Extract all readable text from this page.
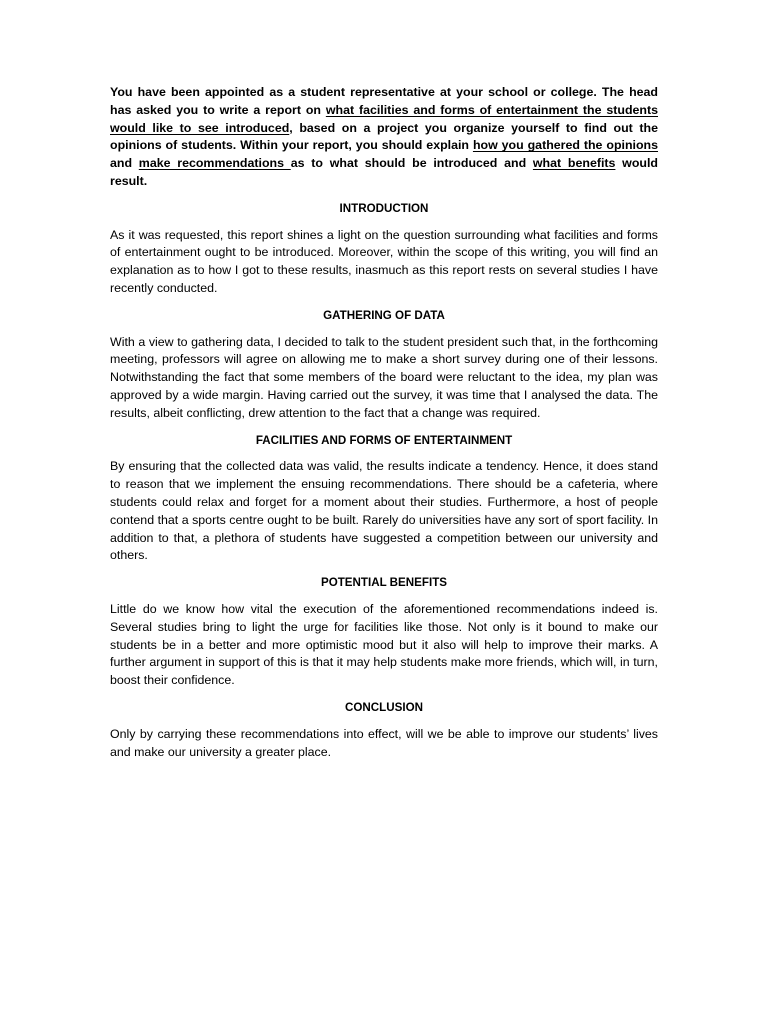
You have been appointed as a student representative at your school or college. The head has asked you to write a report on what facilities and forms of entertainment the students would like to see introduced, based on a project you organize yourself to find out the opinions of students. Within your report, you should explain how you gathered the opinions and make recommendations as to what should be introduced and what benefits would result.

INTRODUCTION

As it was requested, this report shines a light on the question surrounding what facilities and forms of entertainment ought to be introduced. Moreover, within the scope of this writing, you will find an explanation as to how I got to these results, inasmuch as this report rests on several studies I have recently conducted.

GATHERING OF DATA

With a view to gathering data, I decided to talk to the student president such that, in the forthcoming meeting, professors will agree on allowing me to make a short survey during one of their lessons. Notwithstanding the fact that some members of the board were reluctant to the idea, my plan was approved by a wide margin. Having carried out the survey, it was time that I analysed the data. The results, albeit conflicting, drew attention to the fact that a change was required.

FACILITIES AND FORMS OF ENTERTAINMENT

By ensuring that the collected data was valid, the results indicate a tendency. Hence, it does stand to reason that we implement the ensuing recommendations. There should be a cafeteria, where students could relax and forget for a moment about their studies. Furthermore, a host of people contend that a sports centre ought to be built. Rarely do universities have any sort of sport facility. In addition to that, a plethora of students have suggested a competition between our university and others.

POTENTIAL BENEFITS

Little do we know how vital the execution of the aforementioned recommendations indeed is. Several studies bring to light the urge for facilities like those. Not only is it bound to make our students be in a better and more optimistic mood but it also will help to improve their marks. A further argument in support of this is that it may help students make more friends, which will, in turn, boost their confidence.

CONCLUSION

Only by carrying these recommendations into effect, will we be able to improve our students’ lives and make our university a greater place.
